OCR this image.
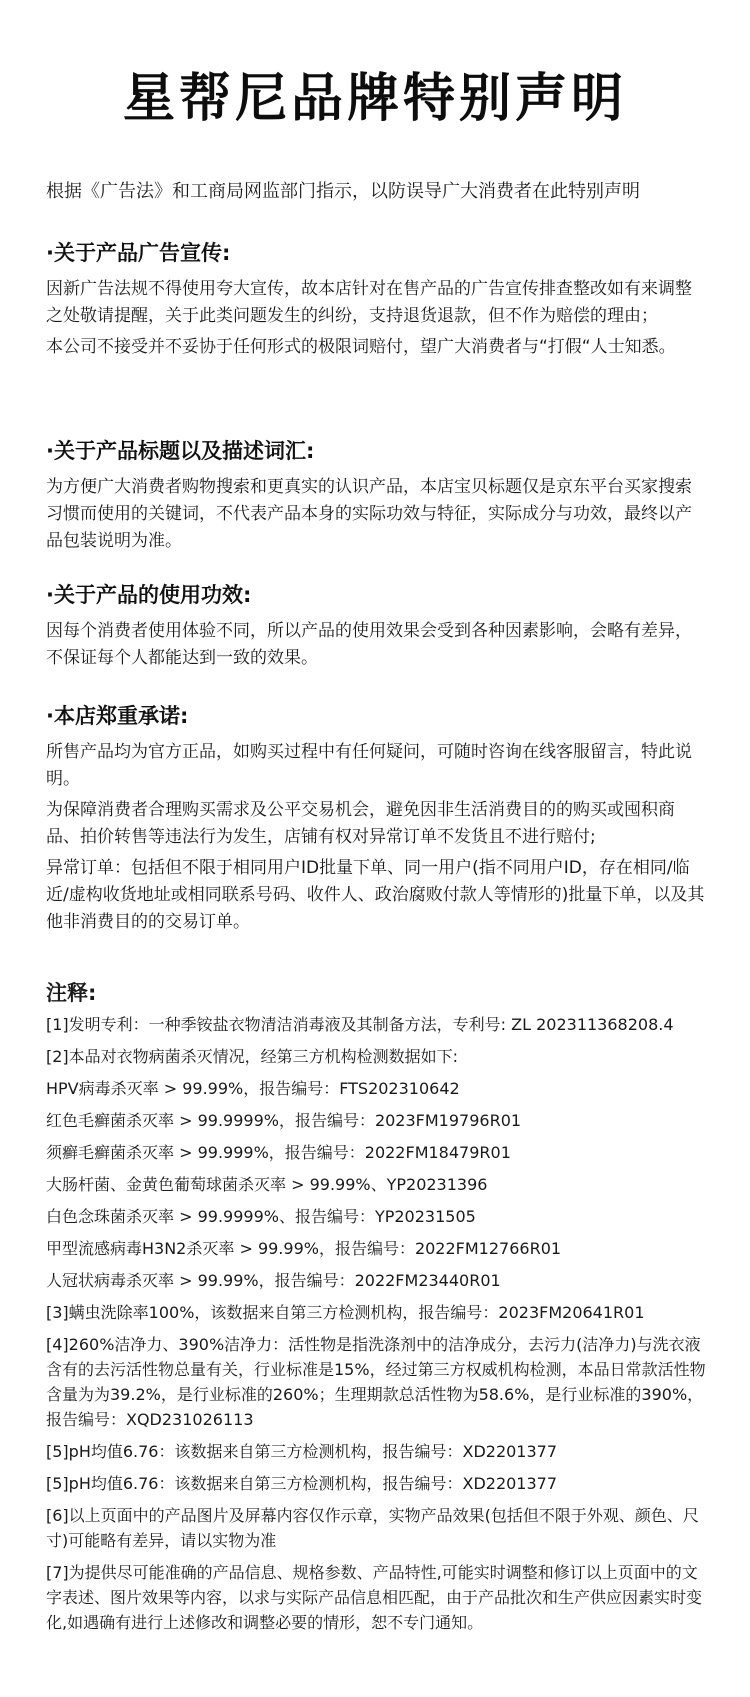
星帮尼品牌特别声明
根据《广告法》和工商局网监部门指示，以防误导广大消费者在此特别声明
·关于产品广告宣传:

因新广告法规不得使用夸大宣传，故本店针对在售产品的广告宣传排查整改如有来调整之处敬请提醒，关于此类问题发生的纠纷，支持退货退款，但不作为赔偿的理由；

本公司不接受并不妥协于任何形式的极限词赔付，望广大消费者与“打假“人士知悉。

·关于产品标题以及描述词汇:

为方便广大消费者购物搜索和更真实的认识产品，本店宝贝标题仅是京东平台买家搜索习惯而使用的关键词，不代表产品本身的实际功效与特征，实际成分与功效，最终以产品包装说明为准。

·关于产品的使用功效:

因每个消费者使用体验不同，所以产品的使用效果会受到各种因素影响，会略有差异，不保证每个人都能达到一致的效果。

·本店郑重承诺:

所售产品均为官方正品，如购买过程中有任何疑问，可随时咨询在线客服留言，特此说明。

为保障消费者合理购买需求及公平交易机会，避免因非生活消费目的的购买或囤积商品、拍价转售等违法行为发生，店铺有权对异常订单不发货且不进行赔付;

异常订单：包括但不限于相同用户ID批量下单、同一用户(指不同用户ID，存在相同/临近/虚构收货地址或相同联系号码、收件人、政治腐败付款人等情形的)批量下单，以及其他非消费目的的交易订单。

注释:

[1]发明专利：一种季铵盐衣物清洁消毒液及其制备方法，专利号: ZL 202311368208.4

[2]本品对衣物病菌杀灭情况，经第三方机构检测数据如下:

HPV病毒杀灭率 > 99.99%，报告编号：FTS202310642

红色毛癣菌杀灭率 > 99.9999%，报告编号：2023FM19796R01

须癣毛癣菌杀灭率 > 99.999%，报告编号：2022FM18479R01

大肠杆菌、金黄色葡萄球菌杀灭率 > 99.99%、YP20231396

白色念珠菌杀灭率 > 99.9999%、报告编号：YP20231505

甲型流感病毒H3N2杀灭率 > 99.99%，报告编号：2022FM12766R01

人冠状病毒杀灭率 > 99.99%，报告编号：2022FM23440R01

[3]螨虫洗除率100%，该数据来自第三方检测机构，报告编号：2023FM20641R01

[4]260%洁净力、390%洁净力：活性物是指洗涤剂中的洁净成分，去污力(洁净力)与洗衣液含有的去污活性物总量有关，行业标准是15%，经过第三方权威机构检测，本品日常款活性物含量为为39.2%，是行业标准的260%；生理期款总活性物为58.6%，是行业标准的390%，报告编号：XQD231026113

[5]pH均值6.76：该数据来自第三方检测机构，报告编号：XD2201377

[5]pH均值6.76：该数据来自第三方检测机构，报告编号：XD2201377

[6]以上页面中的产品图片及屏幕内容仅作示章，实物产品效果(包括但不限于外观、颜色、尺寸)可能略有差异，请以实物为准

[7]为提供尽可能准确的产品信息、规格参数、产品特性,可能实时调整和修订以上页面中的文字表述、图片效果等内容，以求与实际产品信息相匹配，由于产品批次和生产供应因素实时变化,如遇确有进行上述修改和调整必要的情形，恕不专门通知。
